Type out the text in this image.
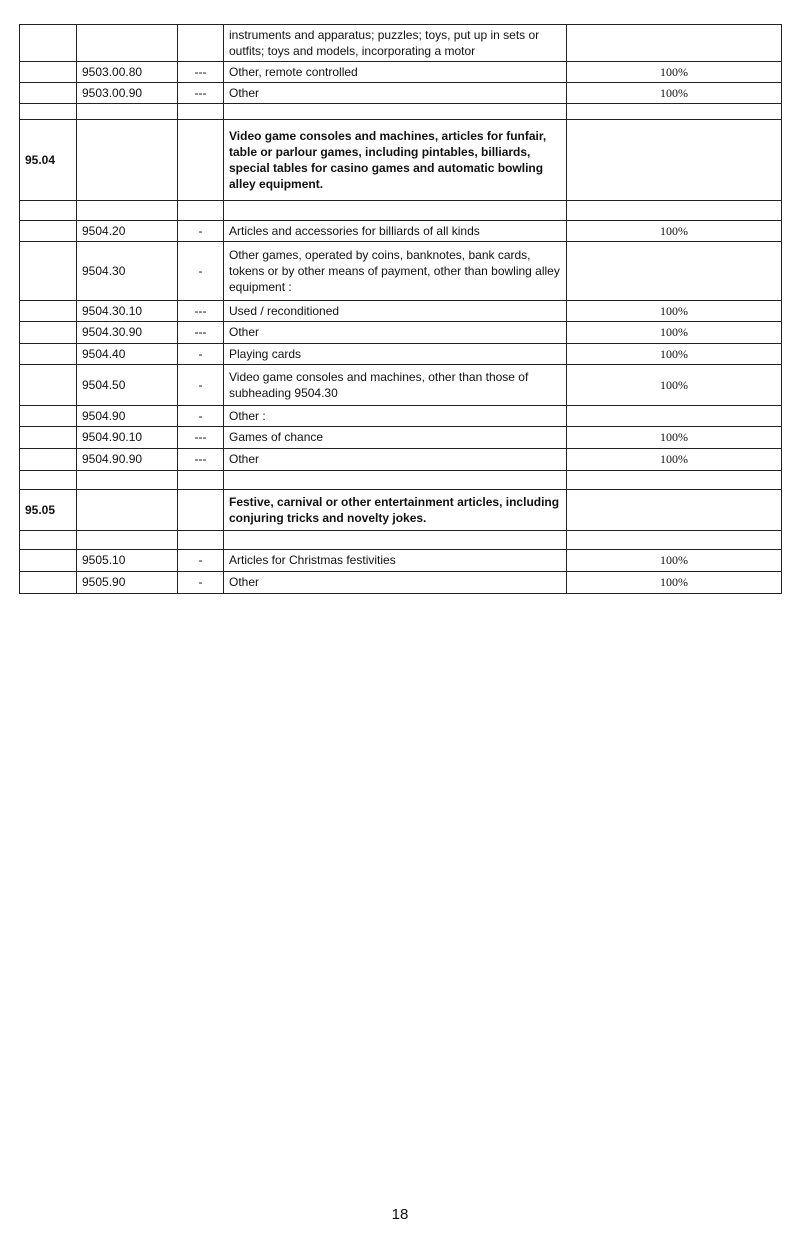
			instruments and apparatus; puzzles; toys, put up in sets or outfits; toys and models, incorporating a motor	
	9503.00.80	---	Other, remote controlled	100%
	9503.00.90	---	Other	100%

95.04			Video game consoles and machines, articles for funfair, table or parlour games, including pintables, billiards, special tables for casino games and automatic bowling alley equipment.	

	9504.20	-	Articles and accessories for billiards of all kinds	100%
	9504.30	-	Other games, operated by coins, banknotes, bank cards, tokens or by other means of payment, other than bowling alley equipment :	
	9504.30.10	---	Used / reconditioned	100%
	9504.30.90	---	Other	100%
	9504.40	-	Playing cards	100%
	9504.50	-	Video game consoles and machines, other than those of subheading 9504.30	100%
	9504.90	-	Other :	
	9504.90.10	---	Games of chance	100%
	9504.90.90	---	Other	100%

95.05			Festive, carnival or other entertainment articles, including conjuring tricks and novelty jokes.	

	9505.10	-	Articles for Christmas festivities	100%
	9505.90	-	Other	100%
18
